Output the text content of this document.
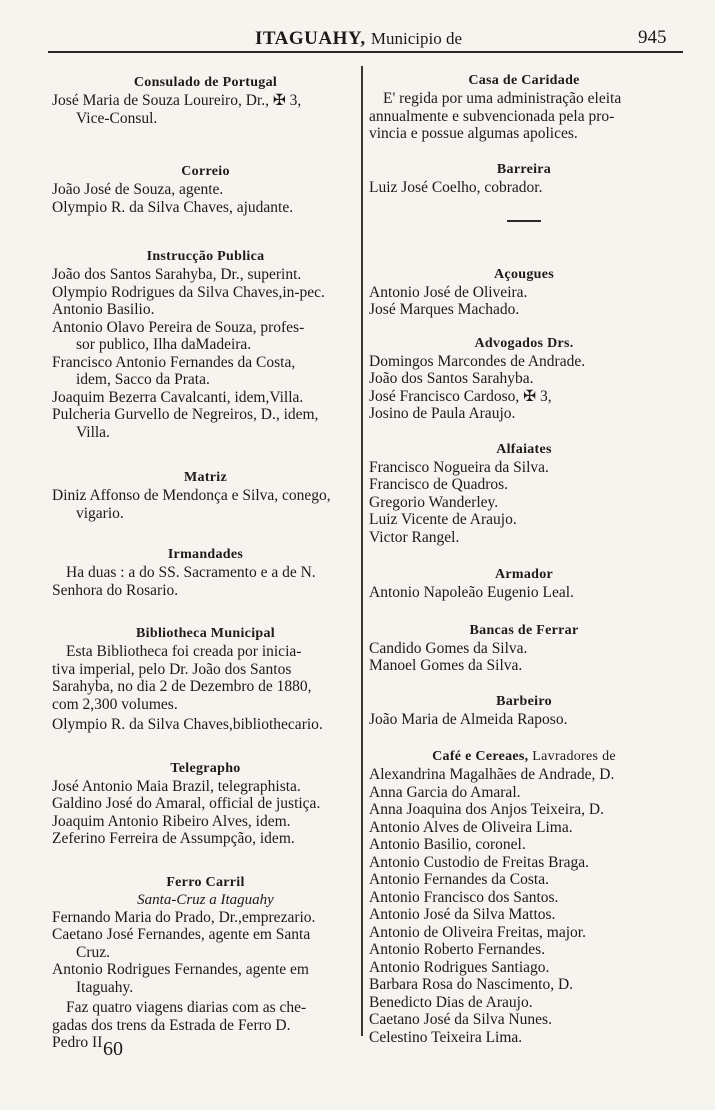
ITAGUAHY, Municipio de	945
Consulado de Portugal
José Maria de Souza Loureiro, Dr., ✠ 3,
Vice-Consul.
Correio
João José de Souza, agente.
Olympio R. da Silva Chaves, ajudante.
Instrucção Publica
João dos Santos Sarahyba, Dr., superint.
Olympio Rodrigues da Silva Chaves,in-pec.
Antonio Basilio.
Antonio Olavo Pereira de Souza, profes-
sor publico, Ilha daMadeira.
Francisco Antonio Fernandes da Costa,
idem, Sacco da Prata.
Joaquim Bezerra Cavalcanti, idem,Villa.
Pulcheria Gurvello de Negreiros, D., idem,
Villa.
Matriz
Diniz Affonso de Mendonça e Silva, conego,
vigario.
Irmandades
Ha duas : a do SS. Sacramento e a de N.
Senhora do Rosario.
Bibliotheca Municipal
Esta Bibliotheca foi creada por inicia-
tiva imperial, pelo Dr. João dos Santos
Sarahyba, no dia 2 de Dezembro de 1880,
com 2,300 volumes.
Olympio R. da Silva Chaves,bibliothecario.
Telegrapho
José Antonio Maia Brazil, telegraphista.
Galdino José do Amaral, official de justiça.
Joaquim Antonio Ribeiro Alves, idem.
Zeferino Ferreira de Assumpção, idem.
Ferro Carril
Santa-Cruz a Itaguahy
Fernando Maria do Prado, Dr.,emprezario.
Caetano José Fernandes, agente em Santa
Cruz.
Antonio Rodrigues Fernandes, agente em
Itaguahy.
Faz quatro viagens diarias com as che-
gadas dos trens da Estrada de Ferro D.
Pedro II
Casa de Caridade
E' regida por uma administração eleita
annualmente e subvencionada pela pro-
vincia e possue algumas apolices.
Barreira
Luiz José Coelho, cobrador.
Açougues
Antonio José de Oliveira.
José Marques Machado.
Advogados Drs.
Domingos Marcondes de Andrade.
João dos Santos Sarahyba.
José Francisco Cardoso, ✠ 3,
Josino de Paula Araujo.
Alfaiates
Francisco Nogueira da Silva.
Francisco de Quadros.
Gregorio Wanderley.
Luiz Vicente de Araujo.
Victor Rangel.
Armador
Antonio Napoleão Eugenio Leal.
Bancas de Ferrar
Candido Gomes da Silva.
Manoel Gomes da Silva.
Barbeiro
João Maria de Almeida Raposo.
Café e Cereaes, Lavradores de
Alexandrina Magalhães de Andrade, D.
Anna Garcia do Amaral.
Anna Joaquina dos Anjos Teixeira, D.
Antonio Alves de Oliveira Lima.
Antonio Basilio, coronel.
Antonio Custodio de Freitas Braga.
Antonio Fernandes da Costa.
Antonio Francisco dos Santos.
Antonio José da Silva Mattos.
Antonio de Oliveira Freitas, major.
Antonio Roberto Fernandes.
Antonio Rodrigues Santiago.
Barbara Rosa do Nascimento, D.
Benedicto Dias de Araujo.
Caetano José da Silva Nunes.
Celestino Teixeira Lima.
60
